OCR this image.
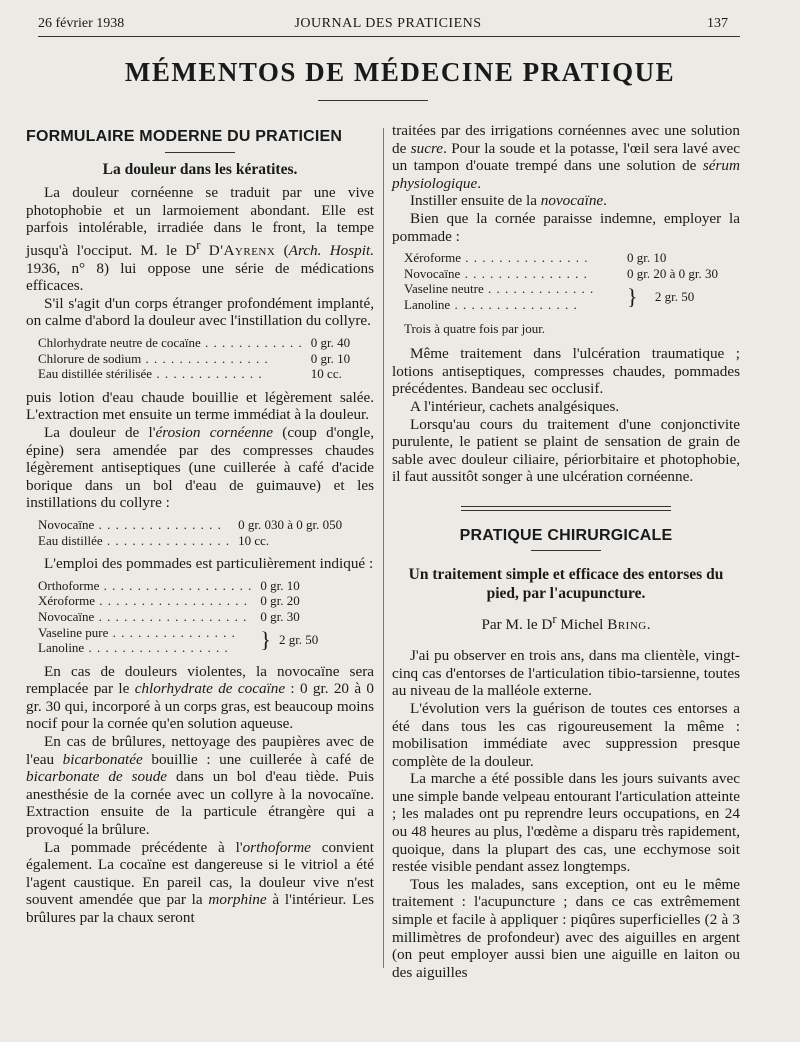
26 février 1938	JOURNAL DES PRATICIENS	137
MÉMENTOS DE MÉDECINE PRATIQUE
FORMULAIRE MODERNE DU PRATICIEN
La douleur dans les kératites.

La douleur cornéenne se traduit par une vive photophobie et un larmoiement abondant. Elle est parfois intolérable, irradiée dans le front, la tempe jusqu'à l'occiput. M. le $D^r$ D'Ayrenx (Arch. Hospit. 1936, n° 8) lui oppose une série de médications efficaces.

S'il s'agit d'un corps étranger profondément implanté, on calme d'abord la douleur avec l'instillation du collyre.

Chlorhydrate neutre de cocaïne . . . . . . . . . . . .	0 gr. 40
Chlorure de sodium . . . . . . . . . . . . . . .	0 gr. 10
Eau distillée stérilisée . . . . . . . . . . . . .	10 cc.

puis lotion d'eau chaude bouillie et légèrement salée. L'extraction met ensuite un terme immédiat à la douleur.

La douleur de l'érosion cornéenne (coup d'ongle, épine) sera amendée par des compresses chaudes légèrement antiseptiques (une cuillerée à café d'acide borique dans un bol d'eau de guimauve) et les instillations du collyre :

Novocaïne . . . . . . . . . . . . . . .	0 gr. 030 à 0 gr. 050
Eau distillée . . . . . . . . . . . . . . .	10 cc.

L'emploi des pommades est particulièrement indiqué :

Orthoforme . . . . . . . . . . . . . . . . . .	0 gr. 10	
Xéroforme . . . . . . . . . . . . . . . . . .	0 gr. 20	
Novocaïne . . . . . . . . . . . . . . . . . .	0 gr. 30	
Vaseline pure . . . . . . . . . . . . . . .	}	2 gr. 50
Lanoline . . . . . . . . . . . . . . . . .		

En cas de douleurs violentes, la novocaïne sera remplacée par le chlorhydrate de cocaïne : 0 gr. 20 à 0 gr. 30 qui, incorporé à un corps gras, est beaucoup moins nocif pour la cornée qu'en solution aqueuse.

En cas de brûlures, nettoyage des paupières avec de l'eau bicarbonatée bouillie : une cuillerée à café de bicarbonate de soude dans un bol d'eau tiède. Puis anesthésie de la cornée avec un collyre à la novocaïne. Extraction ensuite de la particule étrangère qui a provoqué la brûlure.

La pommade précédente à l'orthoforme convient également. La cocaïne est dangereuse si le vitriol a été l'agent caustique. En pareil cas, la douleur vive n'est souvent amendée que par la morphine à l'intérieur. Les brûlures par la chaux seront

traitées par des irrigations cornéennes avec une solution de sucre. Pour la soude et la potasse, l'œil sera lavé avec un tampon d'ouate trempé dans une solution de sérum physiologique.

Instiller ensuite de la novocaïne.

Bien que la cornée paraisse indemne, employer la pommade :

Xéroforme . . . . . . . . . . . . . . .	0 gr. 10	
Novocaïne . . . . . . . . . . . . . . .	0 gr. 20 à 0 gr. 30	
Vaseline neutre . . . . . . . . . . . . .	}	2 gr. 50
Lanoline . . . . . . . . . . . . . . .		
Trois à quatre fois par jour.

Même traitement dans l'ulcération traumatique ; lotions antiseptiques, compresses chaudes, pommades précédentes. Bandeau sec occlusif.

A l'intérieur, cachets analgésiques.

Lorsqu'au cours du traitement d'une conjonctivite purulente, le patient se plaint de sensation de grain de sable avec douleur ciliaire, périorbitaire et photophobie, il faut aussitôt songer à une ulcération cornéenne.

PRATIQUE CHIRURGICALE
Un traitement simple et efficace des entorses du pied, par l'acupuncture.
Par M. le $D^r$ Michel Bring.

J'ai pu observer en trois ans, dans ma clientèle, vingt-cinq cas d'entorses de l'articulation tibio-tarsienne, toutes au niveau de la malléole externe.

L'évolution vers la guérison de toutes ces entorses a été dans tous les cas rigoureusement la même : mobilisation immédiate avec suppression presque complète de la douleur.

La marche a été possible dans les jours suivants avec une simple bande velpeau entourant l'articulation atteinte ; les malades ont pu reprendre leurs occupations, en 24 ou 48 heures au plus, l'œdème a disparu très rapidement, quoique, dans la plupart des cas, une ecchymose soit restée visible pendant assez longtemps.

Tous les malades, sans exception, ont eu le même traitement : l'acupuncture ; dans ce cas extrêmement simple et facile à appliquer : piqûres superficielles (2 à 3 millimètres de profondeur) avec des aiguilles en argent (on peut employer aussi bien une aiguille en laiton ou des aiguilles
